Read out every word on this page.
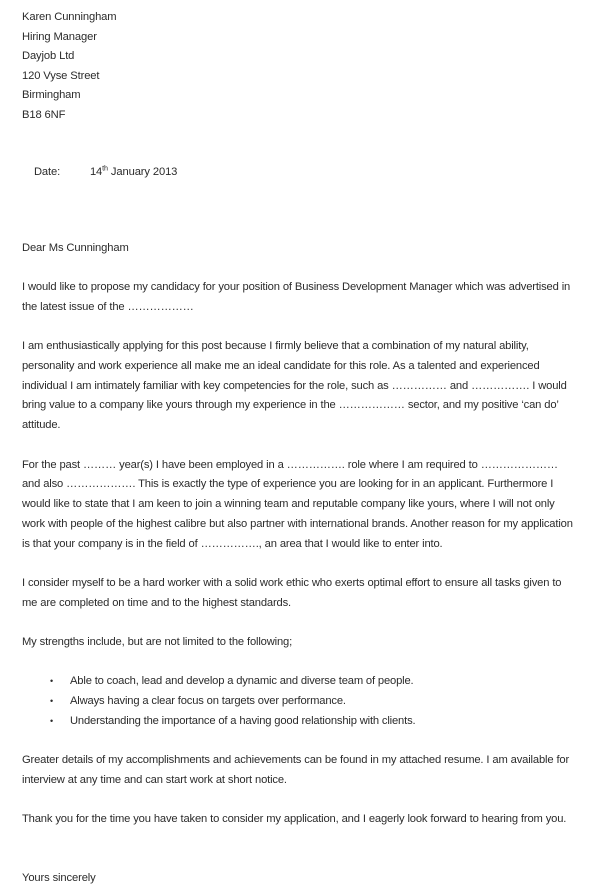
Karen Cunningham
Hiring Manager
Dayjob Ltd
120 Vyse Street
Birmingham
B18 6NF

Date:	14th January 2013

Dear Ms Cunningham

I would like to propose my candidacy for your position of Business Development Manager which was advertised in the latest issue of the ………………

I am enthusiastically applying for this post because I firmly believe that a combination of my natural ability, personality and work experience all make me an ideal candidate for this role. As a talented and experienced individual I am intimately familiar with key competencies for the role, such as …………… and ……………. I would bring value to a company like yours through my experience in the ……………… sector, and my positive ‘can do’ attitude.

For the past ……… year(s) I have been employed in a ……………. role where I am required to ………………… and also ………………. This is exactly the type of experience you are looking for in an applicant. Furthermore I would like to state that I am keen to join a winning team and reputable company like yours, where I will not only work with people of the highest calibre but also partner with international brands. Another reason for my application is that your company is in the field of ……………., an area that I would like to enter into.

I consider myself to be a hard worker with a solid work ethic who exerts optimal effort to ensure all tasks given to me are completed on time and to the highest standards.

My strengths include, but are not limited to the following;

• Able to coach, lead and develop a dynamic and diverse team of people.
• Always having a clear focus on targets over performance.
• Understanding the importance of a having good relationship with clients.

Greater details of my accomplishments and achievements can be found in my attached resume. I am available for interview at any time and can start work at short notice.

Thank you for the time you have taken to consider my application, and I eagerly look forward to hearing from you.

Yours sincerely
